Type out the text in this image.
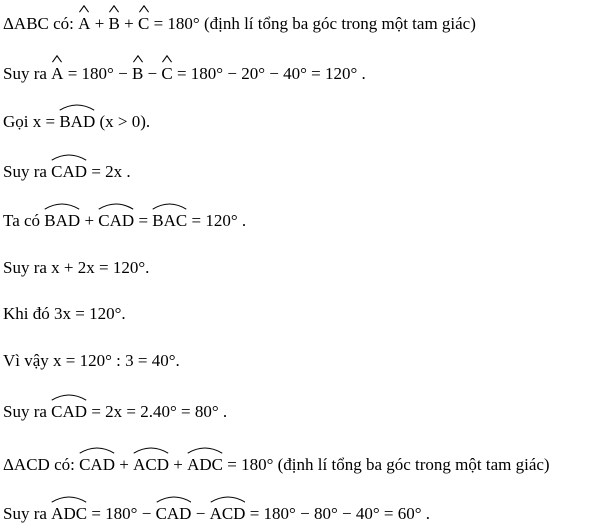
ΔABC có:
A +
B +
C = 180° (định lí tổng ba góc trong một tam giác)
Suy ra
A = 180° −
B −
C = 180° − 20° − 40° = 120° .
Gọi x =
BAD (x > 0).
Suy ra
CAD = 2x .
Ta có
BAD +
CAD =
BAC = 120° .
Suy ra x + 2x = 120°.
Khi đó 3x = 120°.
Vì vậy x = 120° : 3 = 40°.
Suy ra
CAD = 2x = 2.40° = 80° .
ΔACD có:
CAD +
ACD +
ADC = 180° (định lí tổng ba góc trong một tam giác)
Suy ra
ADC = 180° −
CAD −
ACD = 180° − 80° − 40° = 60° .
